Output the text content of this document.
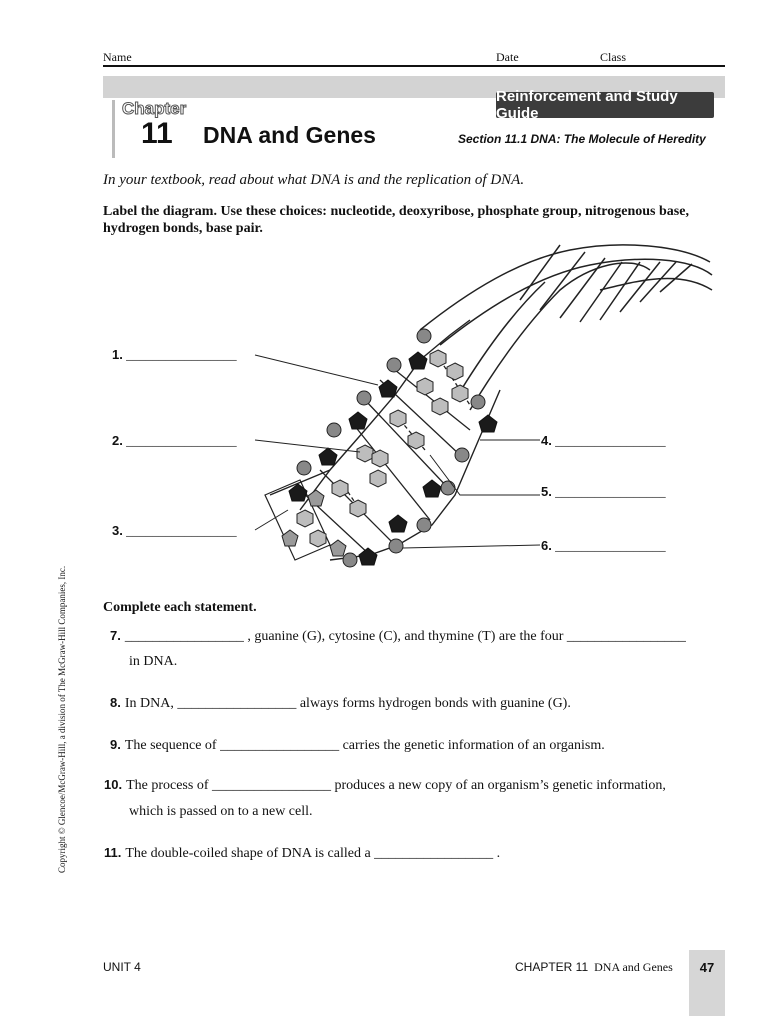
Name	Date	Class
Chapter
11 DNA and Genes
Reinforcement and Study Guide
Section 11.1 DNA: The Molecule of Heredity
In your textbook, read about what DNA is and the replication of DNA.
Label the diagram. Use these choices: nucleotide, deoxyribose, phosphate group, nitrogenous base, hydrogen bonds, base pair.
1. _________________
2. _________________
3. _________________
4. _________________
5. _________________
6. _________________
Complete each statement.
7. _________________ , guanine (G), cytosine (C), and thymine (T) are the four _________________
in DNA.
8. In DNA, _________________ always forms hydrogen bonds with guanine (G).
9. The sequence of _________________ carries the genetic information of an organism.
10. The process of _________________ produces a new copy of an organism’s genetic information,
which is passed on to a new cell.
11. The double-coiled shape of DNA is called a _________________ .
Copyright © Glencoe/McGraw-Hill, a division of The McGraw-Hill Companies, Inc.
UNIT 4	CHAPTER 11 DNA and Genes	47
